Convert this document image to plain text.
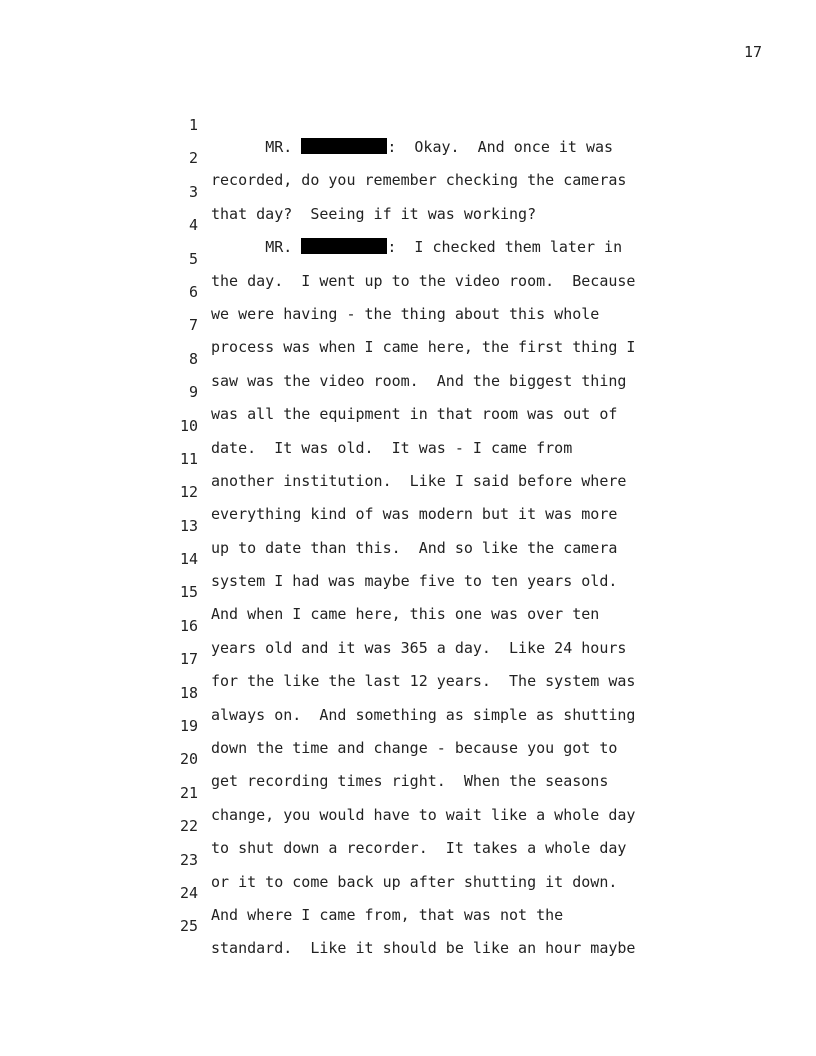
17

1

MR.	:  Okay.  And once it was

2

recorded, do you remember checking the cameras

3

that day?  Seeing if it was working?

4

MR.	:  I checked them later in

5

the day.  I went up to the video room.  Because

6

we were having - the thing about this whole

7

process was when I came here, the first thing I

8

saw was the video room.  And the biggest thing

9

was all the equipment in that room was out of

10

date.  It was old.  It was - I came from

11

another institution.  Like I said before where

12

everything kind of was modern but it was more

13

up to date than this.  And so like the camera

14

system I had was maybe five to ten years old.

15

And when I came here, this one was over ten

16

years old and it was 365 a day.  Like 24 hours

17

for the like the last 12 years.  The system was

18

always on.  And something as simple as shutting

19

down the time and change - because you got to

20

get recording times right.  When the seasons

21

change, you would have to wait like a whole day

22

to shut down a recorder.  It takes a whole day

23

or it to come back up after shutting it down.

24

And where I came from, that was not the

25

standard.  Like it should be like an hour maybe
